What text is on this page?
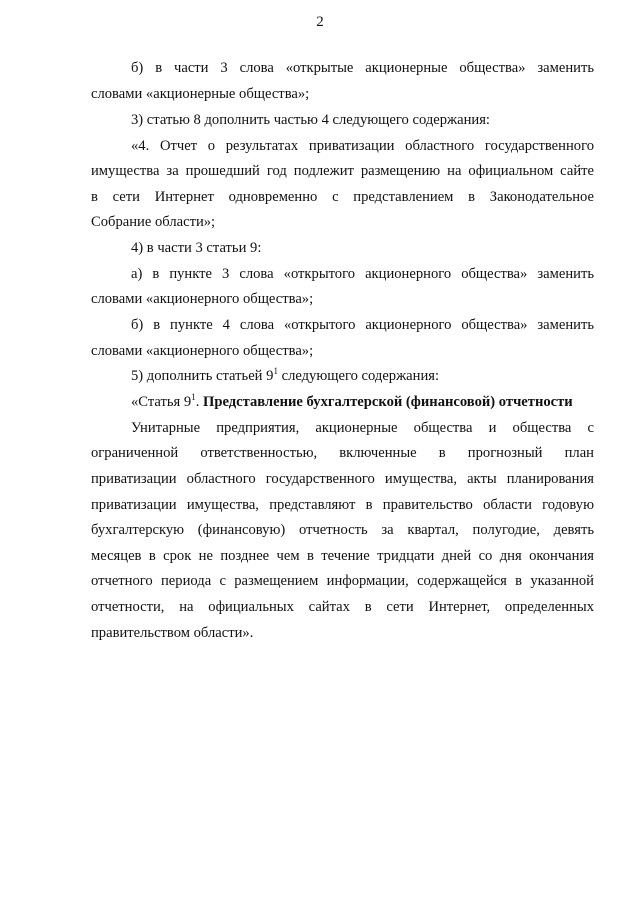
2
б) в части 3 слова «открытые акционерные общества» заменить
словами «акционерные общества»;
3) статью 8 дополнить частью 4 следующего содержания:
«4. Отчет о результатах приватизации областного государственного
имущества за прошедший год подлежит размещению на официальном сайте
в сети Интернет одновременно с представлением в Законодательное
Собрание области»;
4) в части 3 статьи 9:
а) в пункте 3 слова «открытого акционерного общества» заменить
словами «акционерного общества»;
б) в пункте 4 слова «открытого акционерного общества» заменить
словами «акционерного общества»;
5) дополнить статьей $9^1$ следующего содержания:
«Статья $9^1$. Представление бухгалтерской (финансовой) отчетности
Унитарные предприятия, акционерные общества и общества с
ограниченной ответственностью, включенные в прогнозный план
приватизации областного государственного имущества, акты планирования
приватизации имущества, представляют в правительство области годовую
бухгалтерскую (финансовую) отчетность за квартал, полугодие, девять
месяцев в срок не позднее чем в течение тридцати дней со дня окончания
отчетного периода с размещением информации, содержащейся в указанной
отчетности, на официальных сайтах в сети Интернет, определенных
правительством области».
